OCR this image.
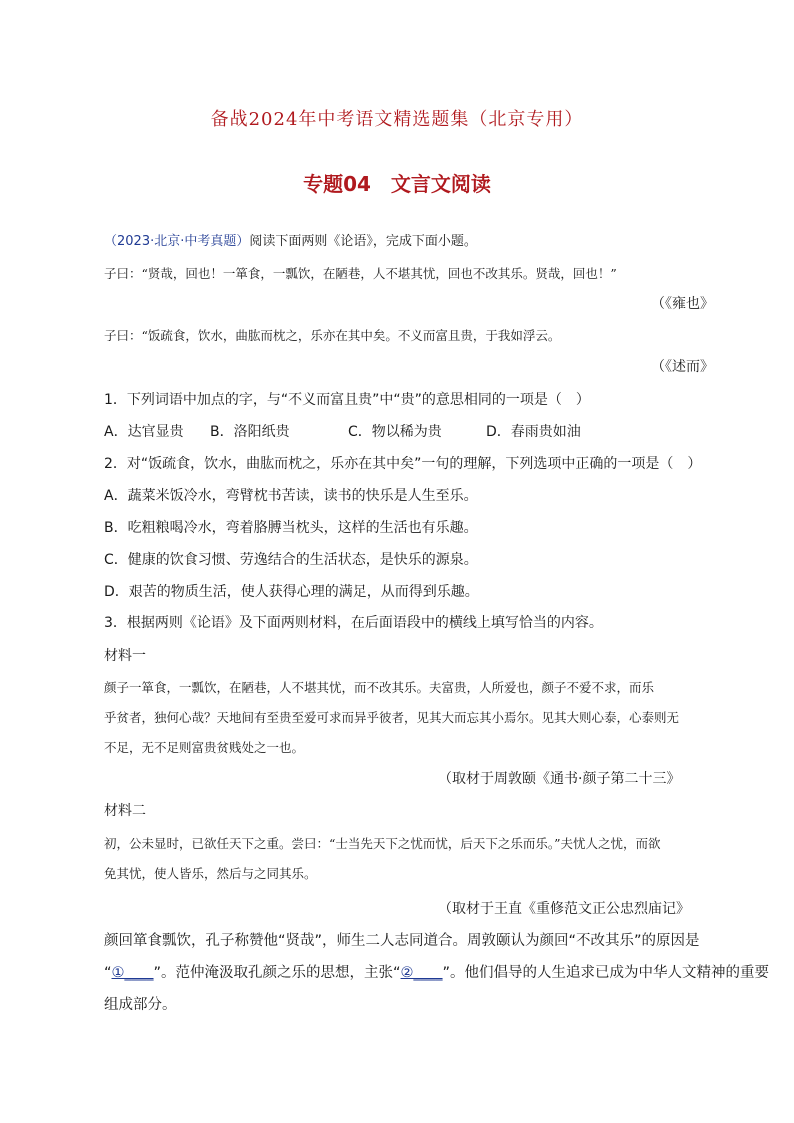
备战2024年中考语文精选题集（北京专用）
专题04　文言文阅读
（2023·北京·中考真题）阅读下面两则《论语》，完成下面小题。
子曰：“贤哉，回也！一箪食，一瓢饮，在陋巷，人不堪其忧，回也不改其乐。贤哉，回也！”
（《雍也》
子曰：“饭疏食，饮水，曲肱而枕之，乐亦在其中矣。不义而富且贵，于我如浮云。
（《述而》
1．下列词语中加点的字，与“不义而富且贵”中“贵”的意思相同的一项是（　）
A．达官显贵 B．洛阳纸贵	C．物以稀为贵	D．春雨贵如油
2．对“饭疏食，饮水，曲肱而枕之，乐亦在其中矣”一句的理解，下列选项中正确的一项是（　）
A．蔬菜米饭冷水，弯臂枕书苦读，读书的快乐是人生至乐。
B．吃粗粮喝冷水，弯着胳膊当枕头，这样的生活也有乐趣。
C．健康的饮食习惯、劳逸结合的生活状态，是快乐的源泉。
D．艰苦的物质生活，使人获得心理的满足，从而得到乐趣。
3．根据两则《论语》及下面两则材料，在后面语段中的横线上填写恰当的内容。
材料一
颜子一箪食，一瓢饮，在陋巷，人不堪其忧，而不改其乐。夫富贵，人所爱也，颜子不爱不求，而乐
乎贫者，独何心哉？天地间有至贵至爱可求而异乎彼者，见其大而忘其小焉尔。见其大则心泰，心泰则无
不足，无不足则富贵贫贱处之一也。
（取材于周敦颐《通书·颜子第二十三》
材料二
初，公未显时，已欲任天下之重。尝曰：“士当先天下之忧而忧，后天下之乐而乐。”夫忧人之忧，而欲
免其忧，使人皆乐，然后与之同其乐。
（取材于王直《重修范文正公忠烈庙记》
颜回箪食瓢饮，孔子称赞他“贤哉”，师生二人志同道合。周敦颐认为颜回“不改其乐”的原因是
“①____”。范仲淹汲取孔颜之乐的思想，主张“②____”。他们倡导的人生追求已成为中华人文精神的重要
组成部分。
